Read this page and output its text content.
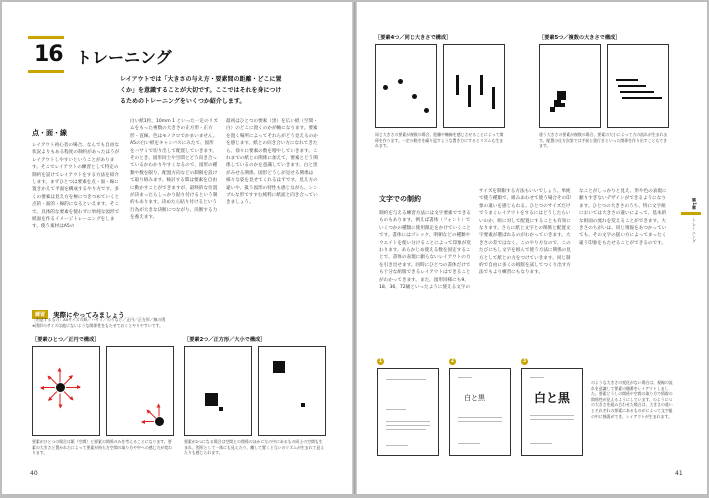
16 トレーニング
レイアウトでは「大きさの与え方・要素間の距離・どこに置くか」を意識することが大切です。ここではそれを身につけるためのトレーニングをいくつか紹介します。
点・面・線
レイアウト初心者の場合、なんでも自由な状況よりもある程度の制約があったほうがレイアウトしやすいということがあります。そこでレイアウトの練習として特定の制約を設けてレイアウトをする方法を紹介します。まずひとつは要素を点・面・線に置きかえて平面を構成するやり方です。多くの要素は見え方を極につきつめていくと点的・面的・線的になるといえます。そこで、具体的な要素を使わずに単純な図形で紙面を作るイメージトレーニングをします。使う素材はA5の
白い紙1枚、10mm 1 といった一定のリズムをもった複数の大きさの正方形・正方形・直線。色はモノクロでかまいません。A5の白い紙をキャンバスにみたて、図形をハサミで切り出して配置していきます。そのとき、図形同士や空間とどう向き合っているかわかりやすくなるので、図形の種類や数を限り、配置方向などの制限を設けて取り組みます。検討する間は要素を自由に動かすことができますが、最終的な位置が決まったらしっかり貼り付けるという制約もあります。決めたら貼り付けるという行為が大きな決断につながり、決断する力を養えます。
最初はひとつの要素（黒）を広い紙（空間・白）のどこに置くのかが軸になります。要素を置く場所によってそれらがどう見えるのかを感じます。紙との向き合い方になれてきたら、徐々に要素の数を増やしていきます。これまでの紙との関係に加えて、要素とどう関係しているのかを意識していきます。白と黒がみせる関係、図形どうしが見せる関係は様々な姿を見せてくれるはずです。見え方の違いや、扱う図形の特性も感じながら、シンプルな形ですすむ純粋に紙面と向き合っていきましょう。
練習 実際にやってみましょう
［用意するもの］A5サイズの紙／ハサミ／のりなど／正円／正方形／線の図
※図形のサイズは他にないような関係性をもたせておくとやりやすいです。
［要素ひとつ／正円で構成］
要素がひとつの場合は紙（空間）と要素の関係のみを考えることになります。要素の大きさと置かれたによって要素が持ち方空間の取り方や中への感じ方が変わります。
［要素2つ／正方形／大小で構成］
要素が2つになる場合は空間との関係のほかに左の中にあるもの同士の空間も生まれ、図形として一体にも見えたり、離して置くと互いのリズムが生まれて見えたりも感じられます。
40
［要素4つ／同じ大きさで構成］
同じ大きさの要素が複数の場合、距離や軸線を感じさせることによって関係を作ります。一定の動きを繰り返すような置き方にするとリズムも生まれます。
［要素5つ／複数の大きさで構成］
違う大きさの要素が複数の場合、要素の大小によって力の流れが生まれます。配置の仕方次第では手前と奥行きといった関係を作り出すこともできます。
文字での制約
制約を与える練習方法には文字要素でできるものもあります。例えば書体（フォント）でいくつかの種類に使用限定をかけていくことです。書体にはゴシック、明朝などの種類やウエイトを使い分けることによって印象が変わります。あらかじめ使える数を固定することで、書体の表現に頼らないレイアウトの力を引き出せます。同時にひとつの書体だけでも十分な組版できるレイアウトはできることがわかってきます。また、図形同様にも9、18、36、72級といったように使える文字の
サイズを制限する方法もいいでしょう。単純で使う種類で、組みあわせて使う場合その印象の違いを感じられる。ひとつのサイズだけでうまくレイアウトをするにはどうしたらいいのか、組に対して配置にすることも有効になります。さらに紙と文字との関係と配置文字要素が選ばれるのがわかっていきます。大きさの差ではなく、このやり方なので、このたびにもし文字を組んで使う方法に関係の見方として紙との力をつけていきます。同じ制約で自由に多くの組版を試してつくり出す方法でもより練習にもなります。
なことがしっかりと見え、形や色の表現に頼りすぎないデザインができるようになります。ひとつの大きさのうち、特に文字組においては大きさの違いによって、基本的な組面の流れを変えることができます。大きさのちがいは、同じ情報をあつかっていても、その文字の扱い方によってまったく違う印象をもたせることができるのです。
第1章
トレーニング
1	2
白と黒
3
白と黒
のような大きさの変化がない場合は、視線の流れを意識して要素の順番をレイアウトしました。要素どうしの関係や空間の取り方で情報の関係性が見えるようにしています。のようにつの大きさを組み合わせた場合は、大きさの違いとそれぞれの要素にあるものがによって文字組の中に強弱ができ、レイアウトが生まれます。
41
